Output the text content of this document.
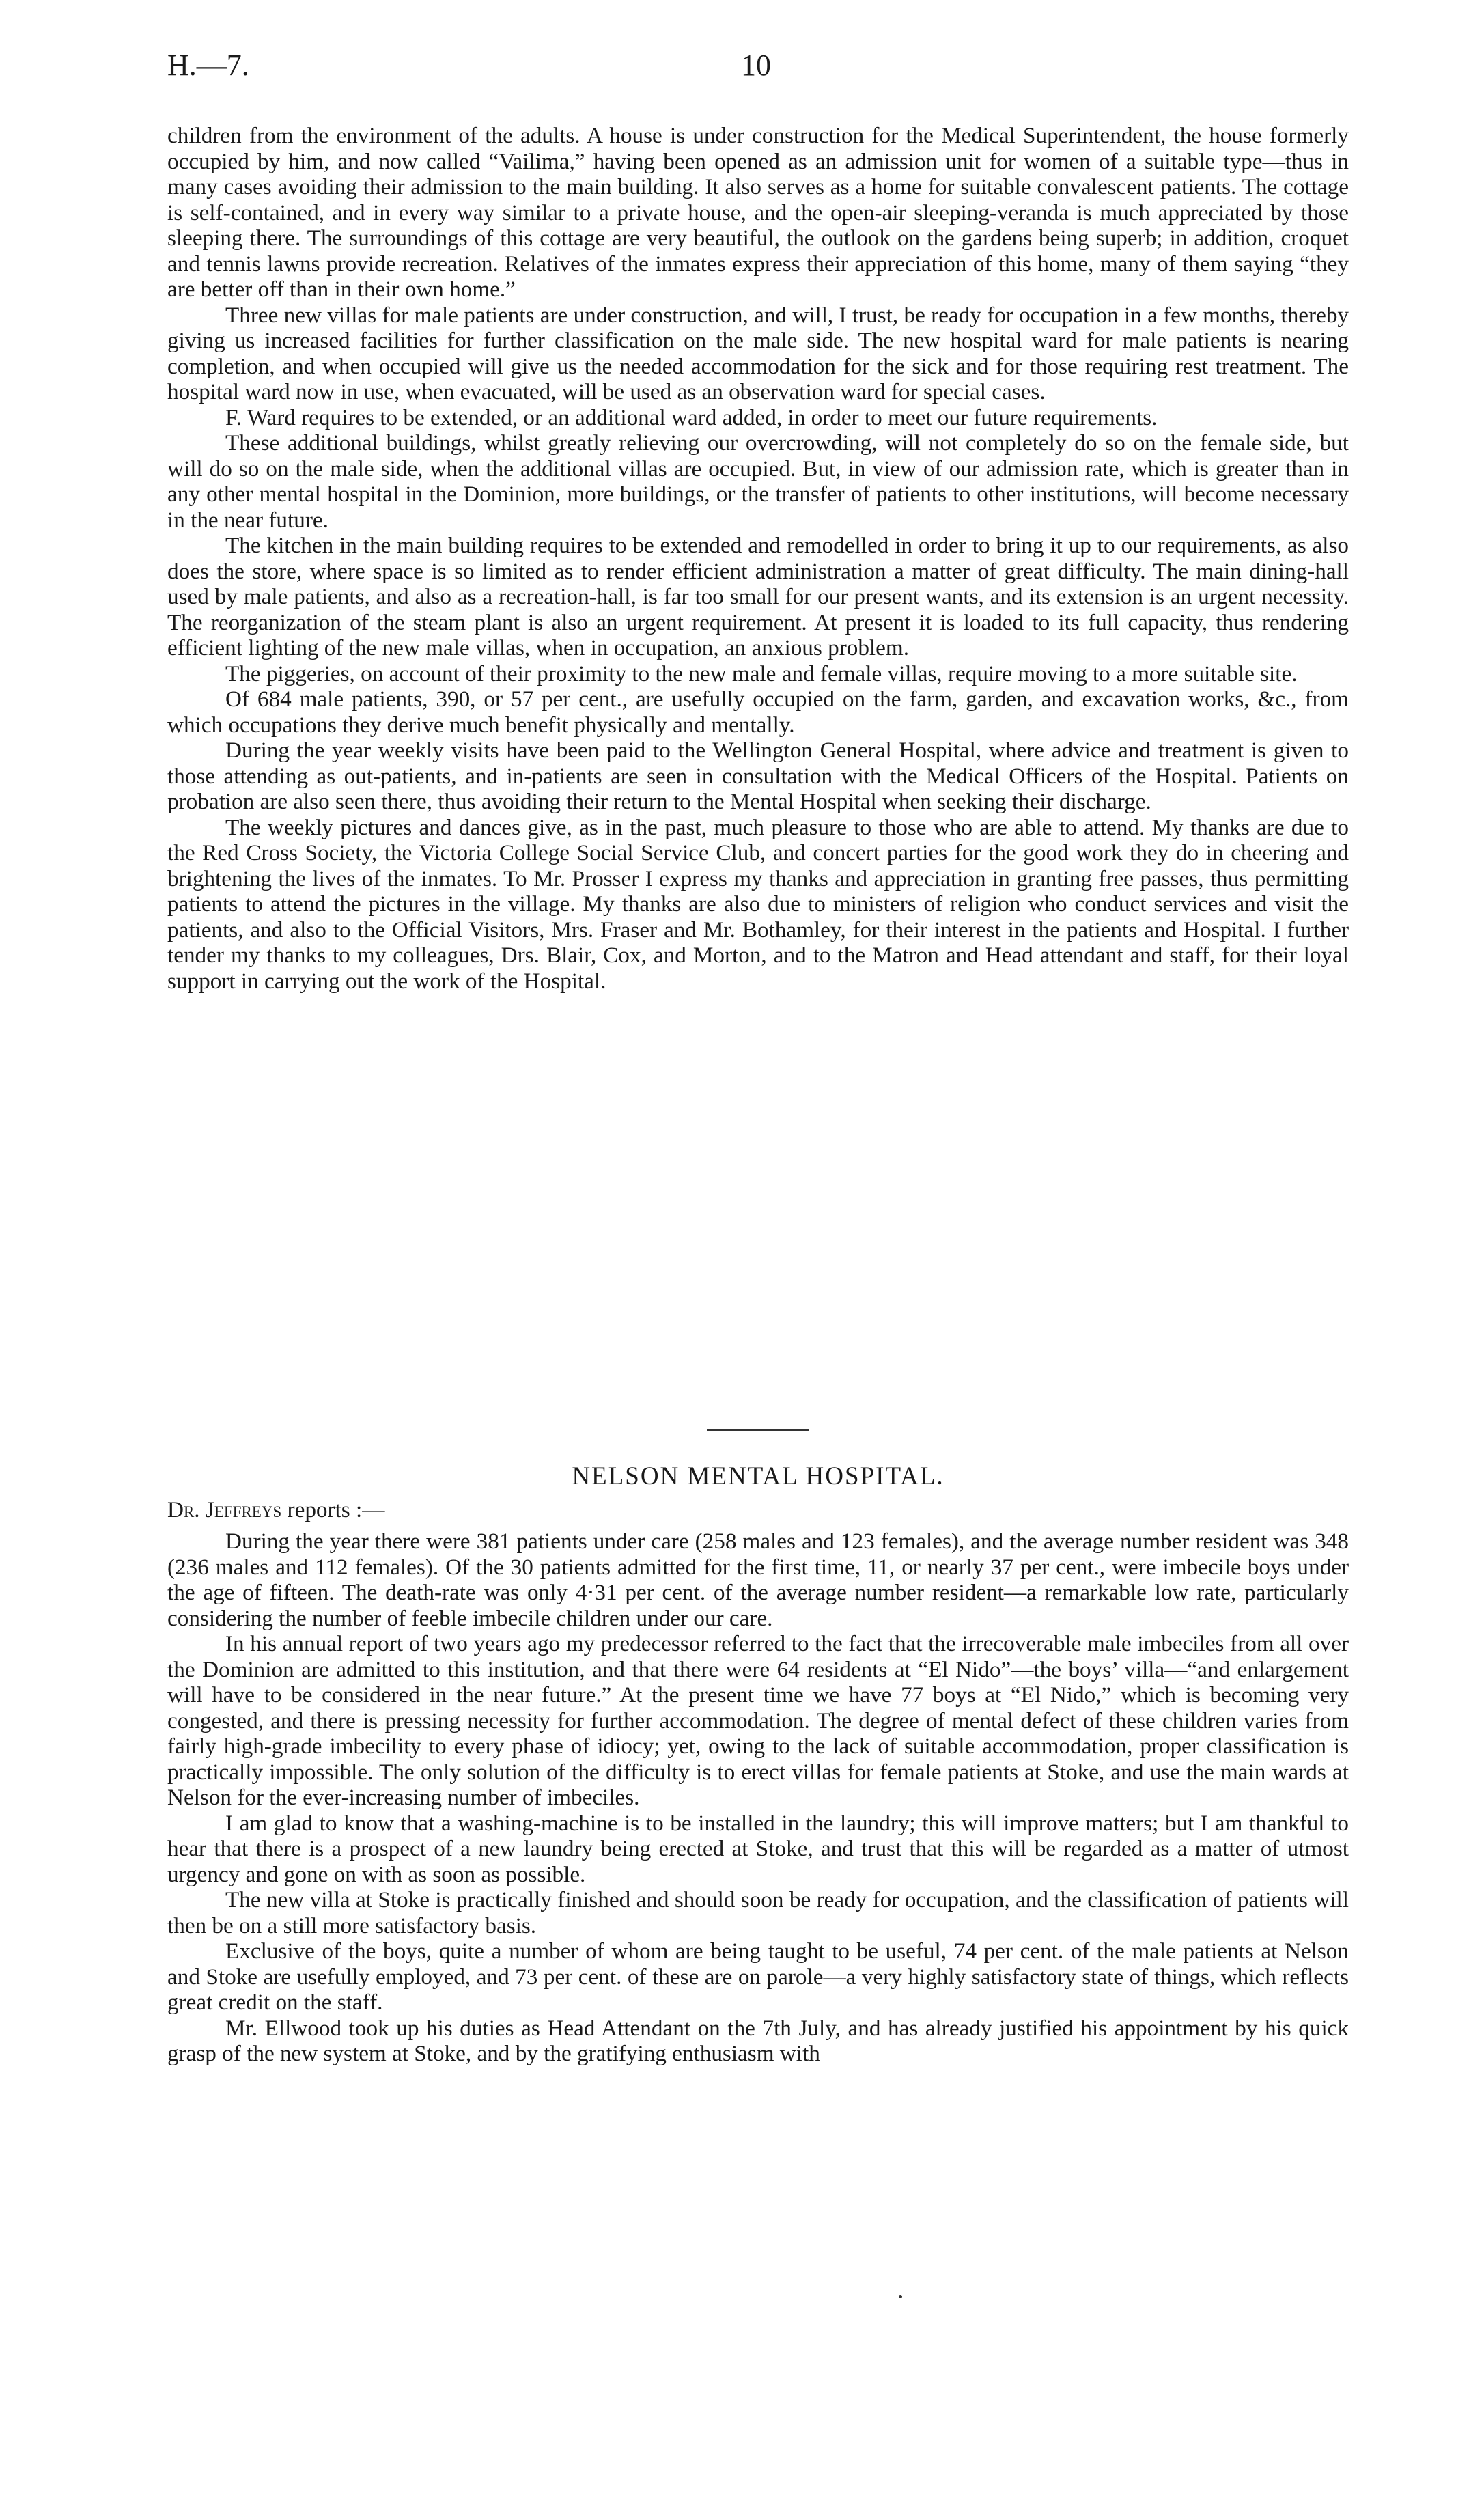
H.—7.	10

children from the environment of the adults. A house is under construction for the Medical Superintendent, the house formerly occupied by him, and now called “Vailima,” having been opened as an admission unit for women of a suitable type—thus in many cases avoiding their admission to the main building. It also serves as a home for suitable convalescent patients. The cottage is self-contained, and in every way similar to a private house, and the open-air sleeping-veranda is much appreciated by those sleeping there. The surroundings of this cottage are very beautiful, the outlook on the gardens being superb; in addition, croquet and tennis lawns provide recreation. Relatives of the inmates express their appreciation of this home, many of them saying “they are better off than in their own home.”

Three new villas for male patients are under construction, and will, I trust, be ready for occupation in a few months, thereby giving us increased facilities for further classification on the male side. The new hospital ward for male patients is nearing completion, and when occupied will give us the needed accommodation for the sick and for those requiring rest treatment. The hospital ward now in use, when evacuated, will be used as an observation ward for special cases.

F. Ward requires to be extended, or an additional ward added, in order to meet our future requirements.

These additional buildings, whilst greatly relieving our overcrowding, will not completely do so on the female side, but will do so on the male side, when the additional villas are occupied. But, in view of our admission rate, which is greater than in any other mental hospital in the Dominion, more buildings, or the transfer of patients to other institutions, will become necessary in the near future.

The kitchen in the main building requires to be extended and remodelled in order to bring it up to our requirements, as also does the store, where space is so limited as to render efficient administration a matter of great difficulty. The main dining-hall used by male patients, and also as a recreation-hall, is far too small for our present wants, and its extension is an urgent necessity. The reorganization of the steam plant is also an urgent requirement. At present it is loaded to its full capacity, thus rendering efficient lighting of the new male villas, when in occupation, an anxious problem.

The piggeries, on account of their proximity to the new male and female villas, require moving to a more suitable site.

Of 684 male patients, 390, or 57 per cent., are usefully occupied on the farm, garden, and excavation works, &c., from which occupations they derive much benefit physically and mentally.

During the year weekly visits have been paid to the Wellington General Hospital, where advice and treatment is given to those attending as out-patients, and in-patients are seen in consultation with the Medical Officers of the Hospital. Patients on probation are also seen there, thus avoiding their return to the Mental Hospital when seeking their discharge.

The weekly pictures and dances give, as in the past, much pleasure to those who are able to attend. My thanks are due to the Red Cross Society, the Victoria College Social Service Club, and concert parties for the good work they do in cheering and brightening the lives of the inmates. To Mr. Prosser I express my thanks and appreciation in granting free passes, thus permitting patients to attend the pictures in the village. My thanks are also due to ministers of religion who conduct services and visit the patients, and also to the Official Visitors, Mrs. Fraser and Mr. Bothamley, for their interest in the patients and Hospital. I further tender my thanks to my colleagues, Drs. Blair, Cox, and Morton, and to the Matron and Head attendant and staff, for their loyal support in carrying out the work of the Hospital.

NELSON MENTAL HOSPITAL.
Dr. Jeffreys reports :—

During the year there were 381 patients under care (258 males and 123 females), and the average number resident was 348 (236 males and 112 females). Of the 30 patients admitted for the first time, 11, or nearly 37 per cent., were imbecile boys under the age of fifteen. The death-rate was only 4·31 per cent. of the average number resident—a remarkable low rate, particularly considering the number of feeble imbecile children under our care.

In his annual report of two years ago my predecessor referred to the fact that the irrecoverable male imbeciles from all over the Dominion are admitted to this institution, and that there were 64 residents at “El Nido”—the boys’ villa—“and enlargement will have to be considered in the near future.” At the present time we have 77 boys at “El Nido,” which is becoming very congested, and there is pressing necessity for further accommodation. The degree of mental defect of these children varies from fairly high-grade imbecility to every phase of idiocy; yet, owing to the lack of suitable accommodation, proper classification is practically impossible. The only solution of the difficulty is to erect villas for female patients at Stoke, and use the main wards at Nelson for the ever-increasing number of imbeciles.

I am glad to know that a washing-machine is to be installed in the laundry; this will improve matters; but I am thankful to hear that there is a prospect of a new laundry being erected at Stoke, and trust that this will be regarded as a matter of utmost urgency and gone on with as soon as possible.

The new villa at Stoke is practically finished and should soon be ready for occupation, and the classification of patients will then be on a still more satisfactory basis.

Exclusive of the boys, quite a number of whom are being taught to be useful, 74 per cent. of the male patients at Nelson and Stoke are usefully employed, and 73 per cent. of these are on parole—a very highly satisfactory state of things, which reflects great credit on the staff.

Mr. Ellwood took up his duties as Head Attendant on the 7th July, and has already justified his appointment by his quick grasp of the new system at Stoke, and by the gratifying enthusiasm with
